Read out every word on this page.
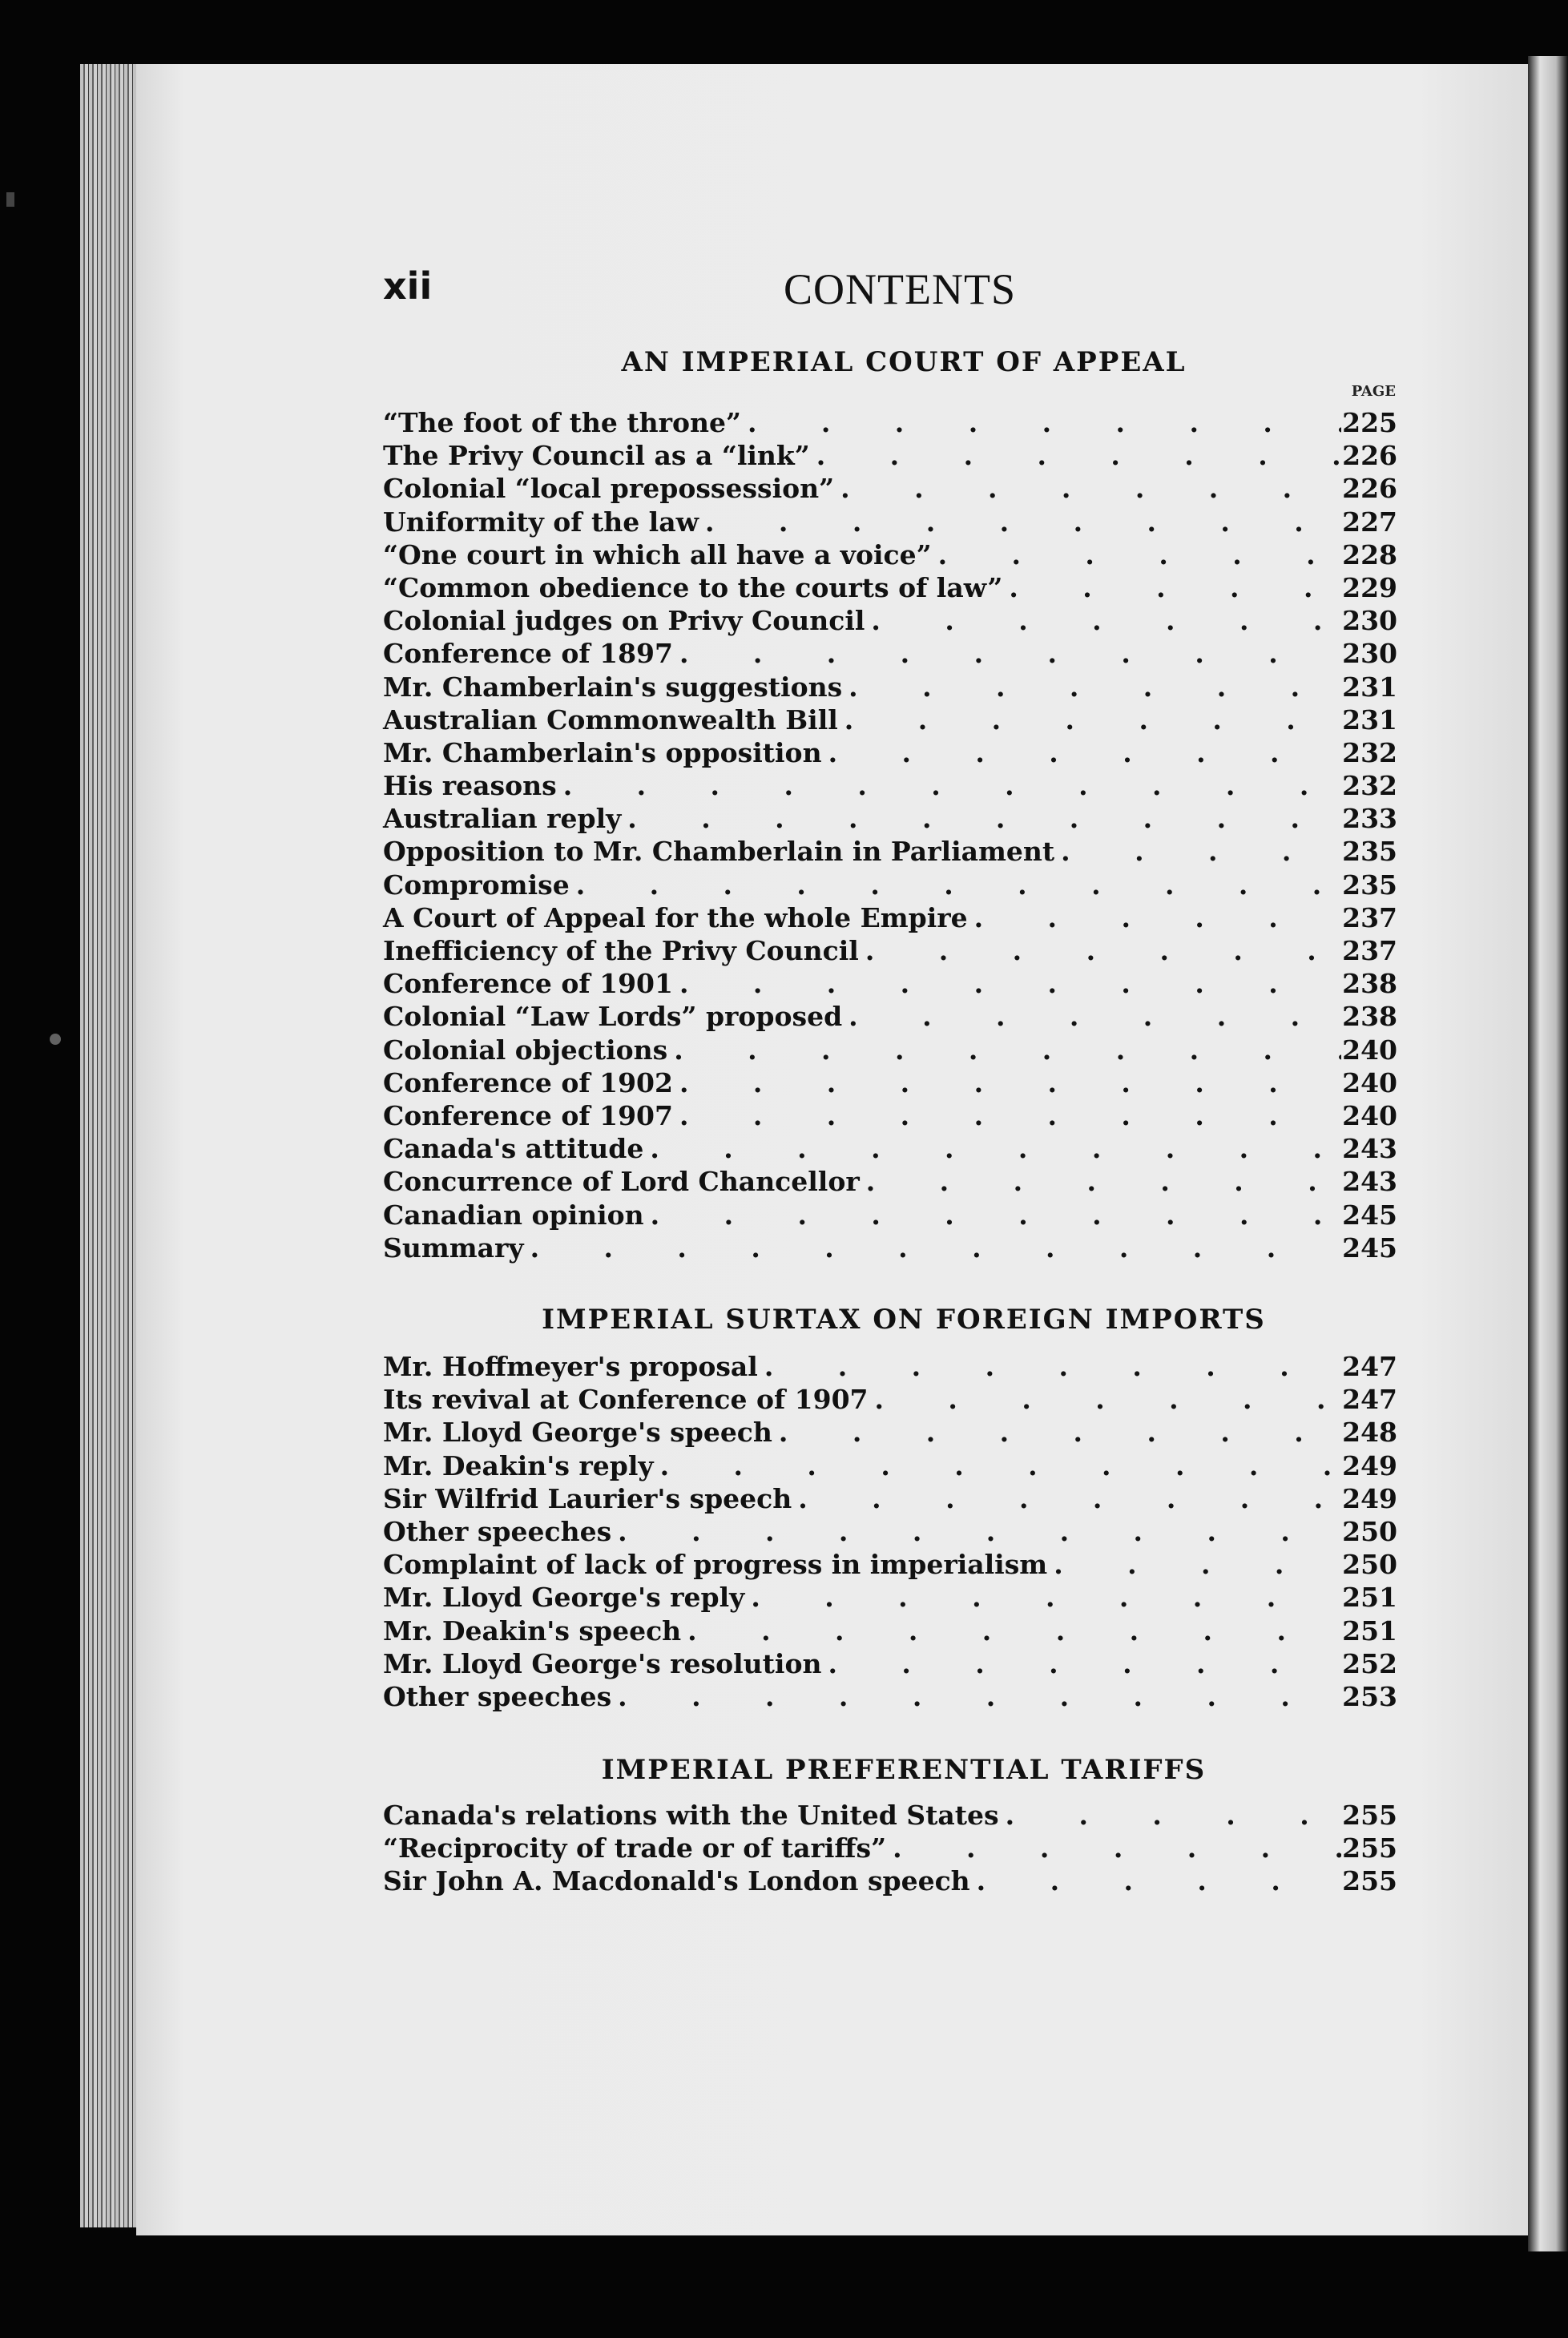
xii	CONTENTS
AN IMPERIAL COURT OF APPEAL
PAGE
“The foot of the throne” .	225
The Privy Council as a “link” .	226
Colonial “local prepossession” .	226
Uniformity of the law .	227
“One court in which all have a voice” .	228
“Common obedience to the courts of law” .	229
Colonial judges on Privy Council .	230
Conference of 1897 .	230
Mr. Chamberlain's suggestions .	231
Australian Commonwealth Bill .	231
Mr. Chamberlain's opposition .	232
His reasons .	232
Australian reply .	233
Opposition to Mr. Chamberlain in Parliament .	235
Compromise .	235
A Court of Appeal for the whole Empire .	237
Inefficiency of the Privy Council .	237
Conference of 1901 .	238
Colonial “Law Lords” proposed .	238
Colonial objections .	240
Conference of 1902 .	240
Conference of 1907 .	240
Canada's attitude .	243
Concurrence of Lord Chancellor .	243
Canadian opinion .	245
Summary .	245
IMPERIAL SURTAX ON FOREIGN IMPORTS
Mr. Hoffmeyer's proposal .	247
Its revival at Conference of 1907 .	247
Mr. Lloyd George's speech .	248
Mr. Deakin's reply .	249
Sir Wilfrid Laurier's speech .	249
Other speeches .	250
Complaint of lack of progress in imperialism .	250
Mr. Lloyd George's reply .	251
Mr. Deakin's speech .	251
Mr. Lloyd George's resolution .	252
Other speeches .	253
IMPERIAL PREFERENTIAL TARIFFS
Canada's relations with the United States .	255
“Reciprocity of trade or of tariffs” .	255
Sir John A. Macdonald's London speech .	255
